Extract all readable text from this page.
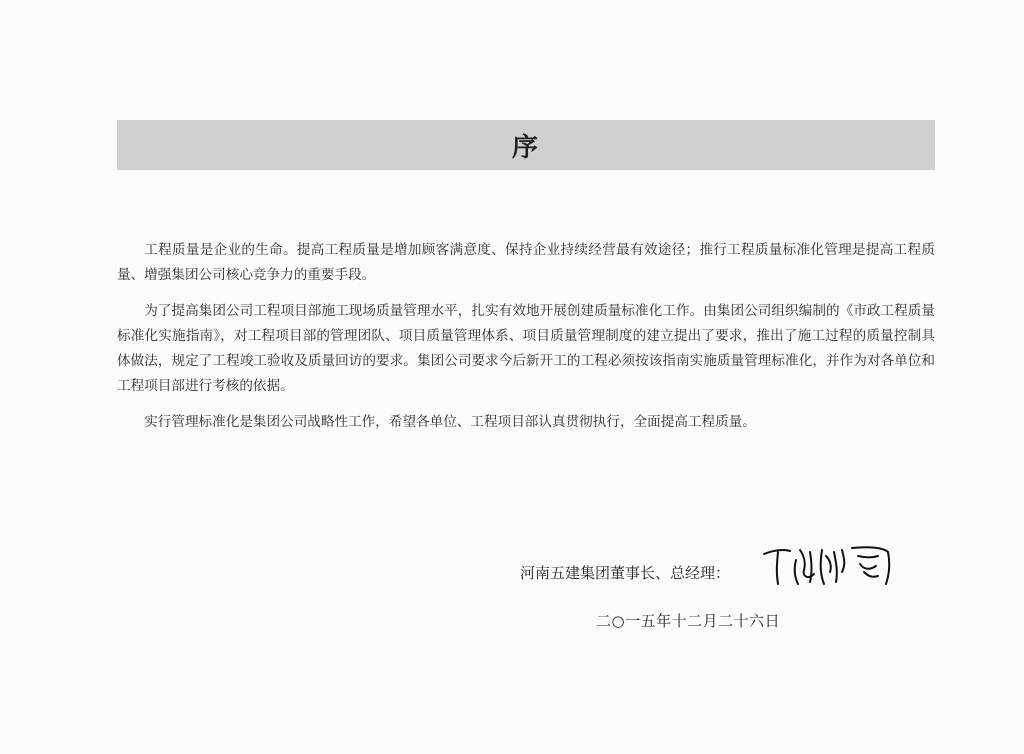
序

工程质量是企业的生命。提高工程质量是增加顾客满意度、保持企业持续经营最有效途径；推行工程质量标准化管理是提高工程质量、增强集团公司核心竞争力的重要手段。

为了提高集团公司工程项目部施工现场质量管理水平，扎实有效地开展创建质量标准化工作。由集团公司组织编制的《市政工程质量标准化实施指南》，对工程项目部的管理团队、项目质量管理体系、项目质量管理制度的建立提出了要求，推出了施工过程的质量控制具体做法，规定了工程竣工验收及质量回访的要求。集团公司要求今后新开工的工程必须按该指南实施质量管理标准化，并作为对各单位和工程项目部进行考核的依据。

实行管理标准化是集团公司战略性工作，希望各单位、工程项目部认真贯彻执行，全面提高工程质量。

河南五建集团董事长、总经理：
二○一五年十二月二十六日
